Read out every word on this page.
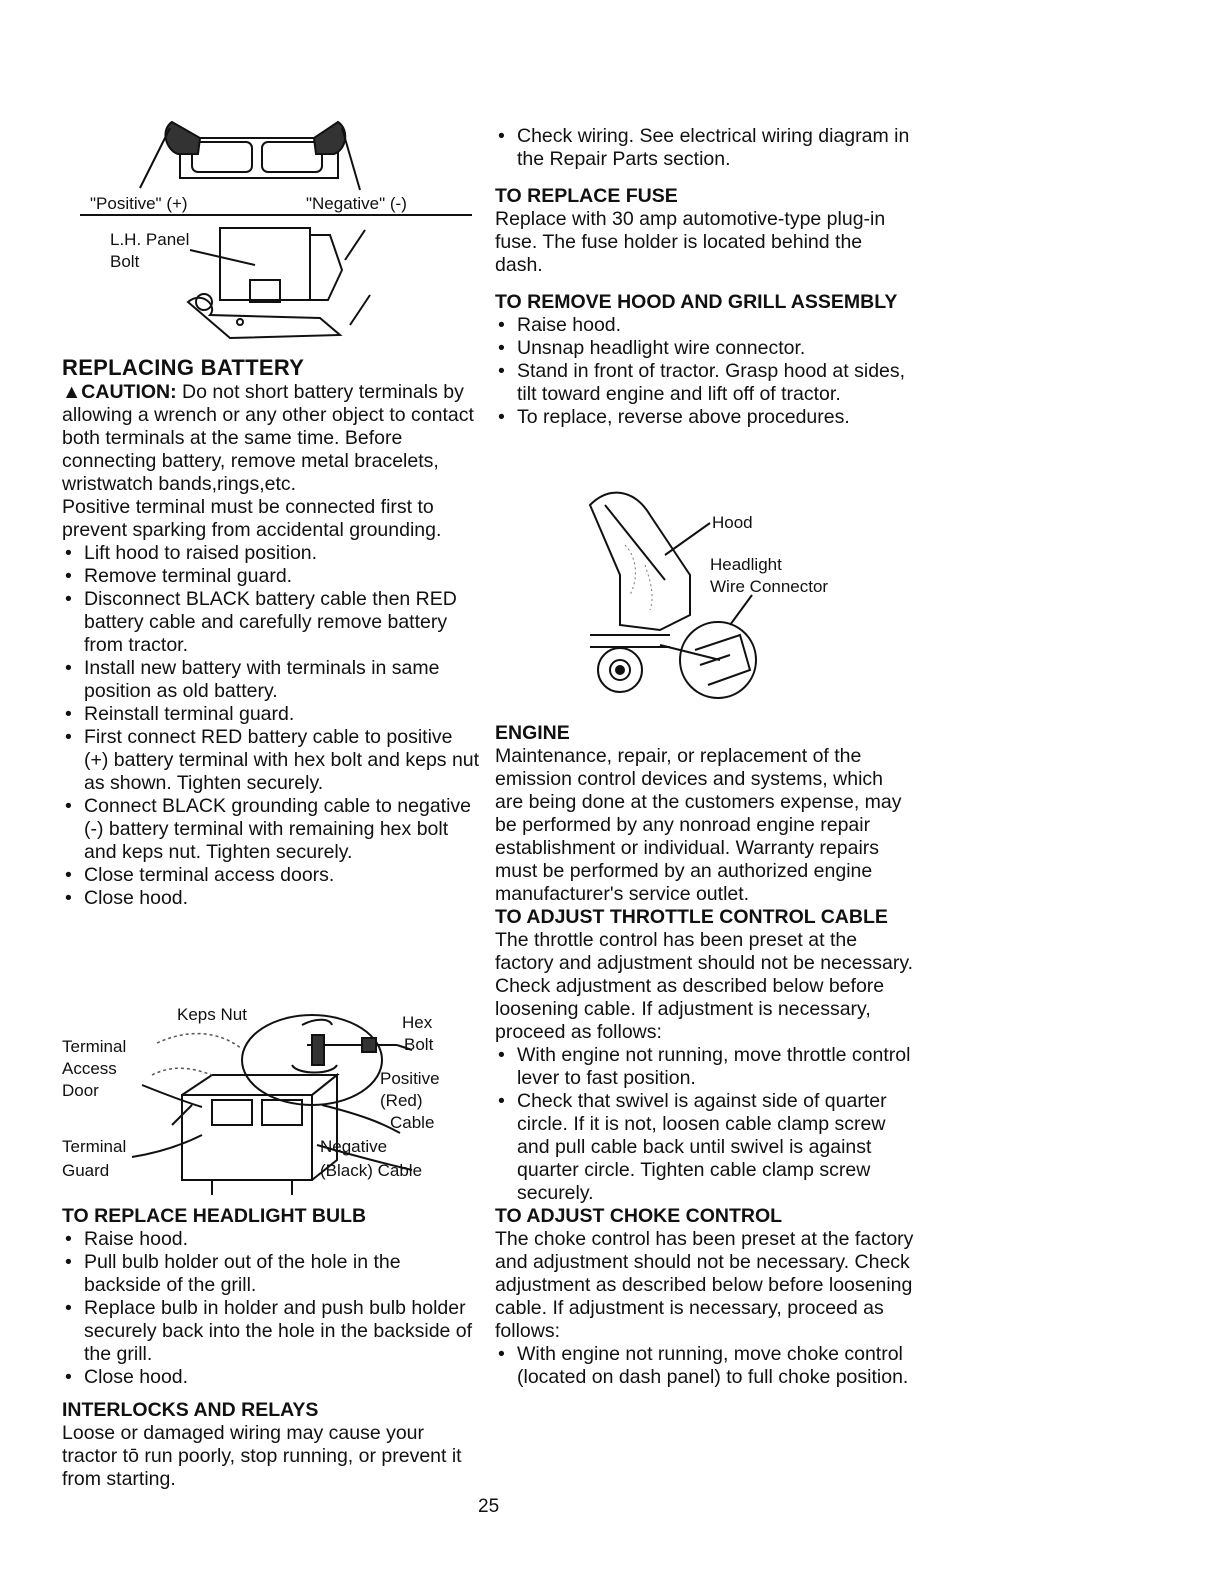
"Positive" (+)	"Negative" (-)
L.H. Panel
Bolt
REPLACING BATTERY

▲CAUTION: Do not short battery terminals by allowing a wrench or any other object to contact both terminals at the same time. Before connecting battery, remove metal bracelets, wristwatch bands,rings,etc.

Positive terminal must be connected first to prevent sparking from accidental grounding.

• Lift hood to raised position.
• Remove terminal guard.
• Disconnect BLACK battery cable then RED battery cable and carefully remove battery from tractor.
• Install new battery with terminals in same position as old battery.
• Reinstall terminal guard.
• First connect RED battery cable to positive (+) battery terminal with hex bolt and keps nut as shown. Tighten securely.
• Connect BLACK grounding cable to negative (-) battery terminal with remaining hex bolt and keps nut. Tighten securely.
• Close terminal access doors.
• Close hood.
Keps Nut	Hex
Bolt
Terminal
Access
Door
Positive
(Red)
Cable
Negative
(Black) Cable
Terminal
Guard
TO REPLACE HEADLIGHT BULB
• Raise hood.
• Pull bulb holder out of the hole in the backside of the grill.
• Replace bulb in holder and push bulb holder securely back into the hole in the backside of the grill.
• Close hood.
INTERLOCKS AND RELAYS

Loose or damaged wiring may cause your tractor tō run poorly, stop running, or prevent it from starting.

• Check wiring. See electrical wiring diagram in the Repair Parts section.
TO REPLACE FUSE

Replace with 30 amp automotive-type plug-in fuse. The fuse holder is located behind the dash.

TO REMOVE HOOD AND GRILL ASSEMBLY
• Raise hood.
• Unsnap headlight wire connector.
• Stand in front of tractor. Grasp hood at sides, tilt toward engine and lift off of tractor.
• To replace, reverse above procedures.
Hood
Headlight
Wire Connector
ENGINE

Maintenance, repair, or replacement of the emission control devices and systems, which are being done at the customers expense, may be performed by any nonroad engine repair establishment or individual. Warranty repairs must be performed by an authorized engine manufacturer's service outlet.

TO ADJUST THROTTLE CONTROL CABLE

The throttle control has been preset at the factory and adjustment should not be necessary. Check adjustment as described below before loosening cable. If adjustment is necessary, proceed as follows:

• With engine not running, move throttle control lever to fast position.
• Check that swivel is against side of quarter circle. If it is not, loosen cable clamp screw and pull cable back until swivel is against quarter circle. Tighten cable clamp screw securely.
TO ADJUST CHOKE CONTROL

The choke control has been preset at the factory and adjustment should not be necessary. Check adjustment as described below before loosening cable. If adjustment is necessary, proceed as follows:

• With engine not running, move choke control (located on dash panel) to full choke position.
25
